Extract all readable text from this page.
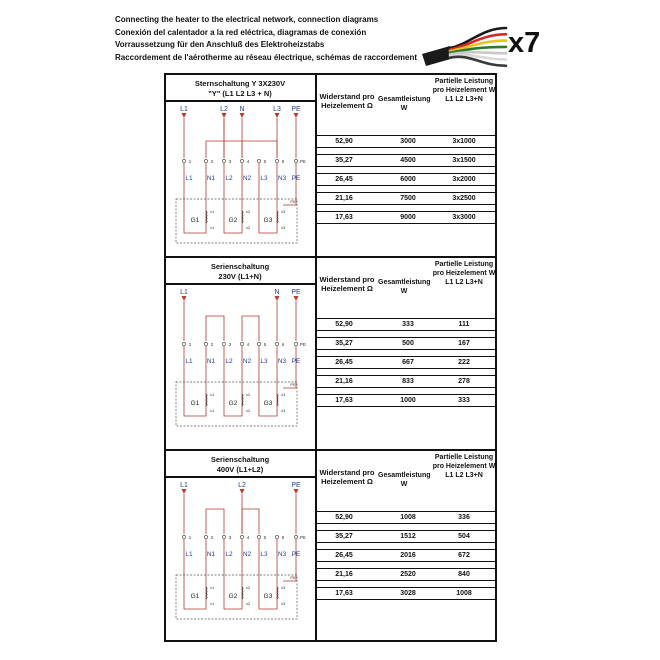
Connecting the heater to the electrical network, connection diagrams
Conexión del calentador a la red eléctrica, diagramas de conexión
Vorraussetzung für den Anschluß des Elektroheizstabs
Raccordement de l'aérotherme au réseau électrique, schémas de raccordement	x7
Sternschaltung Y 3X230V
"Y" (L1 L2 L3 + N)	Widerstand pro Heizelement Ω
Gesamtleistung W
Partielle Leistung pro Heizelement W L1 L2 L3+N
52,90	3000	3x1000
35,27	4500	3x1500
26,45	6000	3x2000
21,16	7500	3x2500
17,63	9000	3x3000
L1	L2 N	L3 PE
1	2	3	4	5	6	PE
PE
L1 N1 L2 N2 L3 N3 PE
x1
x1
G1
x2
x2
G2
x3
x3
G3
Serienschaltung
230V (L1+N)	Widerstand pro Heizelement Ω
Gesamtleistung W
Partielle Leistung pro Heizelement W L1 L2 L3+N
52,90	333	111
35,27	500	167
26,45	667	222
21,16	833	278
17,63	1000	333
L1	N PE
1	2	3	4	5	6	PE
PE
L1 N1 L2 N2 L3 N3 PE
x1
x1
G1
x2
x2
G2
x3
x3
G3
Serienschaltung
400V (L1+L2)	Widerstand pro Heizelement Ω
Gesamtleistung W
Partielle Leistung pro Heizelement W L1 L2 L3+N
52,90	1008	336
35,27	1512	504
26,45	2016	672
21,16	2520	840
17,63	3028	1008
L1	L2	PE
1	2	3	4	5	6	PE
PE
L1 N1 L2 N2 L3 N3 PE
x1
x1
G1
x2
x2
G2
x3
x3
G3
